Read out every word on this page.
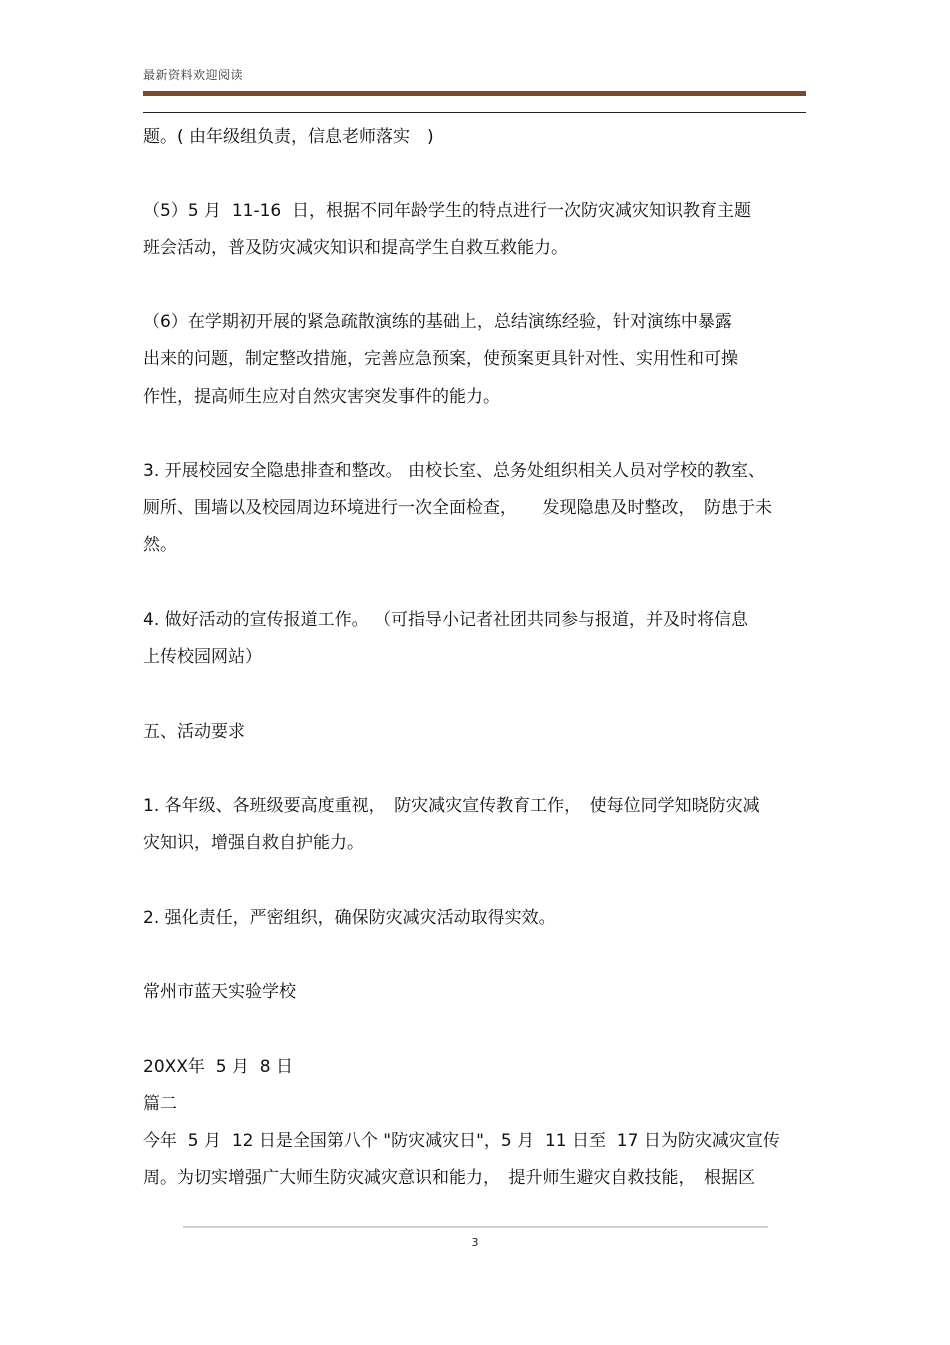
最新资料欢迎阅读
题。( 由年级组负责，信息老师落实　)
（5）5 月  11-16  日，根据不同年龄学生的特点进行一次防灾减灾知识教育主题
班会活动，普及防灾减灾知识和提高学生自救互救能力。
（6）在学期初开展的紧急疏散演练的基础上，总结演练经验，针对演练中暴露
出来的问题，制定整改措施，完善应急预案，使预案更具针对性、实用性和可操
作性，提高师生应对自然灾害突发事件的能力。
3. 开展校园安全隐患排查和整改。 由校长室、总务处组织相关人员对学校的教室、
厕所、围墙以及校园周边环境进行一次全面检查，　　发现隐患及时整改，　防患于未
然。
4. 做好活动的宣传报道工作。 （可指导小记者社团共同参与报道，并及时将信息
上传校园网站）
五、活动要求
1. 各年级、各班级要高度重视，　防灾减灾宣传教育工作，　使每位同学知晓防灾减
灾知识，增强自救自护能力。
2. 强化责任，严密组织，确保防灾减灾活动取得实效。
常州市蓝天实验学校
20XX年  5 月  8 日
篇二
今年  5 月  12 日是全国第八个 "防灾减灾日"，5 月  11 日至  17 日为防灾减灾宣传
周。为切实增强广大师生防灾减灾意识和能力，　提升师生避灾自救技能，　根据区
3
